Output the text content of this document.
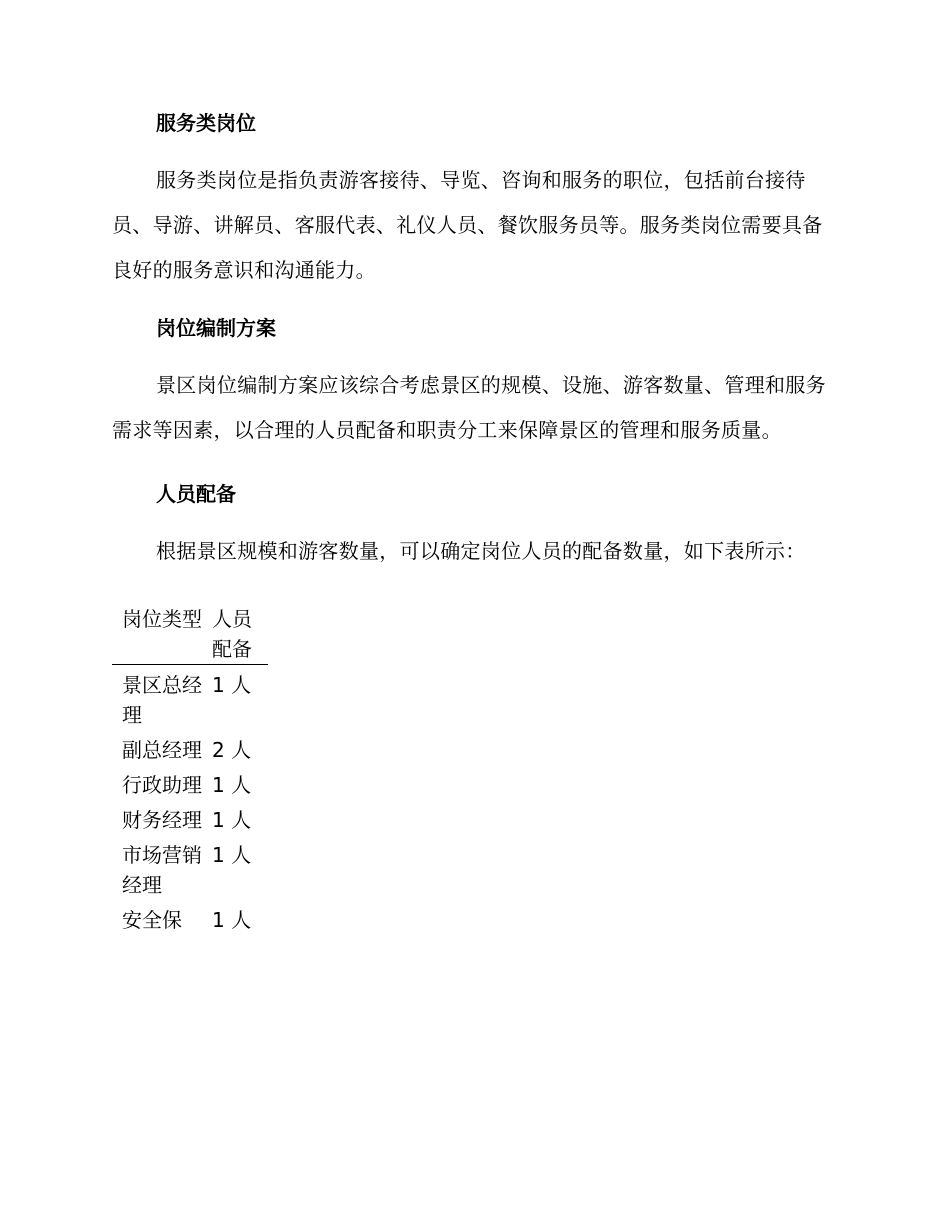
服务类岗位

服务类岗位是指负责游客接待、导览、咨询和服务的职位，包括前台接待员、导游、讲解员、客服代表、礼仪人员、餐饮服务员等。服务类岗位需要具备良好的服务意识和沟通能力。

岗位编制方案

景区岗位编制方案应该综合考虑景区的规模、设施、游客数量、管理和服务需求等因素，以合理的人员配备和职责分工来保障景区的管理和服务质量。

人员配备

根据景区规模和游客数量，可以确定岗位人员的配备数量，如下表所示：

岗位类型	人员配备
景区总经理	1 人
副总经理	2 人
行政助理	1 人
财务经理	1 人
市场营销经理	1 人
安全保	1 人
